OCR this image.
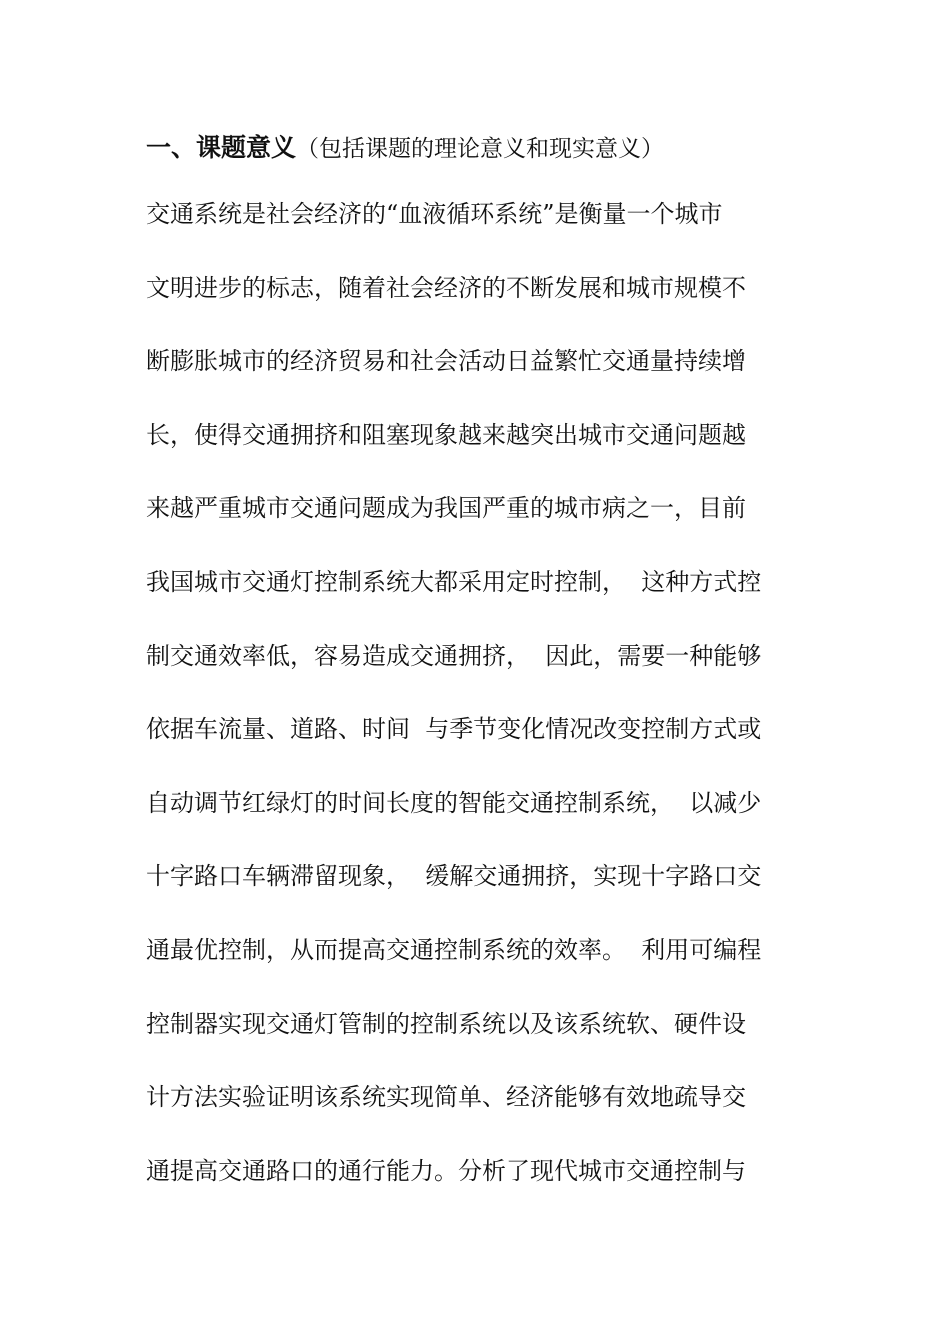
一、课题意义（包括课题的理论意义和现实意义）
交通系统是社会经济的“血液循环系统”是衡量一个城市
文明进步的标志，随着社会经济的不断发展和城市规模不
断膨胀城市的经济贸易和社会活动日益繁忙交通量持续增
长，使得交通拥挤和阻塞现象越来越突出城市交通问题越
来越严重城市交通问题成为我国严重的城市病之一，目前
我国城市交通灯控制系统大都采用定时控制，  这种方式控
制交通效率低，容易造成交通拥挤，  因此，需要一种能够
依据车流量、道路、时间  与季节变化情况改变控制方式或
自动调节红绿灯的时间长度的智能交通控制系统，  以减少
十字路口车辆滞留现象，  缓解交通拥挤，实现十字路口交
通最优控制，从而提高交通控制系统的效率。  利用可编程
控制器实现交通灯管制的控制系统以及该系统软、硬件设
计方法实验证明该系统实现简单、经济能够有效地疏导交
通提高交通路口的通行能力。分析了现代城市交通控制与
